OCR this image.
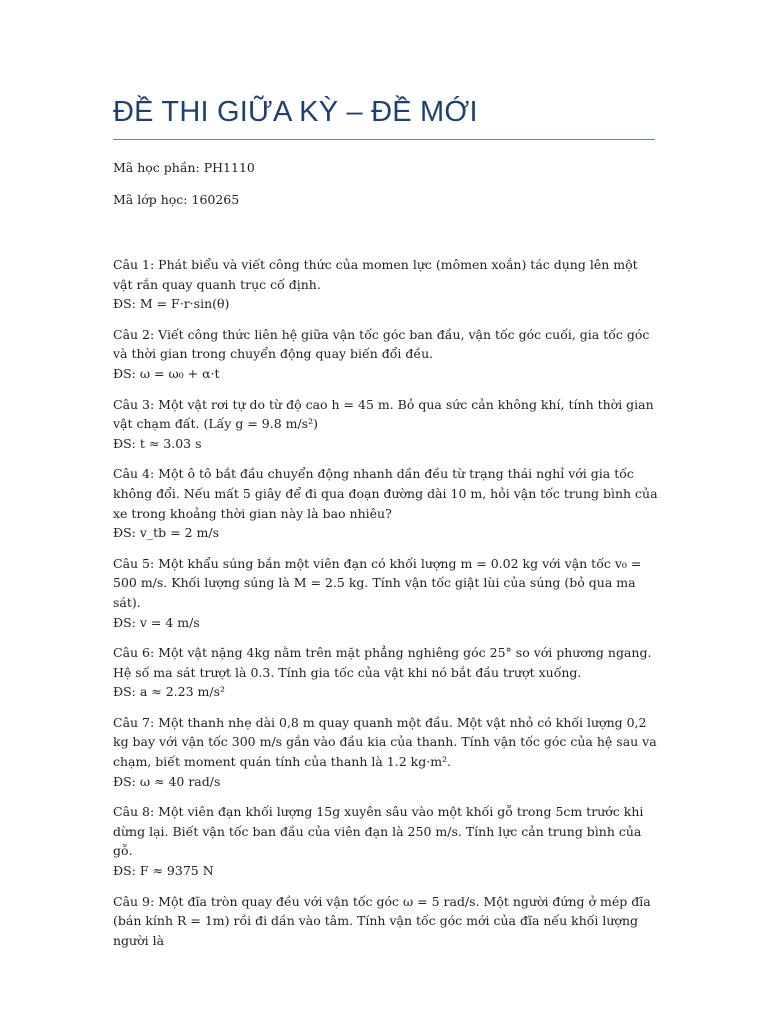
ĐỀ THI GIỮA KỲ – ĐỀ MỚI
Mã học phần: PH1110
Mã lớp học: 160265
Câu 1: Phát biểu và viết công thức của momen lực (mômen xoắn) tác dụng lên một vật rắn quay quanh trục cố định.
ĐS: M = F·r·sin(θ)
Câu 2: Viết công thức liên hệ giữa vận tốc góc ban đầu, vận tốc góc cuối, gia tốc góc và thời gian trong chuyển động quay biến đổi đều.
ĐS: ω = ω₀ + α·t
Câu 3: Một vật rơi tự do từ độ cao h = 45 m. Bỏ qua sức cản không khí, tính thời gian vật chạm đất. (Lấy g = 9.8 m/s²)
ĐS: t ≈ 3.03 s
Câu 4: Một ô tô bắt đầu chuyển động nhanh dần đều từ trạng thái nghỉ với gia tốc không đổi. Nếu mất 5 giây để đi qua đoạn đường dài 10 m, hỏi vận tốc trung bình của xe trong khoảng thời gian này là bao nhiêu?
ĐS: v_tb = 2 m/s
Câu 5: Một khẩu súng bắn một viên đạn có khối lượng m = 0.02 kg với vận tốc v₀ = 500 m/s. Khối lượng súng là M = 2.5 kg. Tính vận tốc giật lùi của súng (bỏ qua ma sát).
ĐS: v = 4 m/s
Câu 6: Một vật nặng 4kg nằm trên mặt phẳng nghiêng góc 25° so với phương ngang. Hệ số ma sát trượt là 0.3. Tính gia tốc của vật khi nó bắt đầu trượt xuống.
ĐS: a ≈ 2.23 m/s²
Câu 7: Một thanh nhẹ dài 0,8 m quay quanh một đầu. Một vật nhỏ có khối lượng 0,2 kg bay với vận tốc 300 m/s gắn vào đầu kia của thanh. Tính vận tốc góc của hệ sau va chạm, biết moment quán tính của thanh là 1.2 kg·m².
ĐS: ω ≈ 40 rad/s
Câu 8: Một viên đạn khối lượng 15g xuyên sâu vào một khối gỗ trong 5cm trước khi dừng lại. Biết vận tốc ban đầu của viên đạn là 250 m/s. Tính lực cản trung bình của gỗ.
ĐS: F ≈ 9375 N
Câu 9: Một đĩa tròn quay đều với vận tốc góc ω = 5 rad/s. Một người đứng ở mép đĩa (bán kính R = 1m) rồi đi dần vào tâm. Tính vận tốc góc mới của đĩa nếu khối lượng người là
